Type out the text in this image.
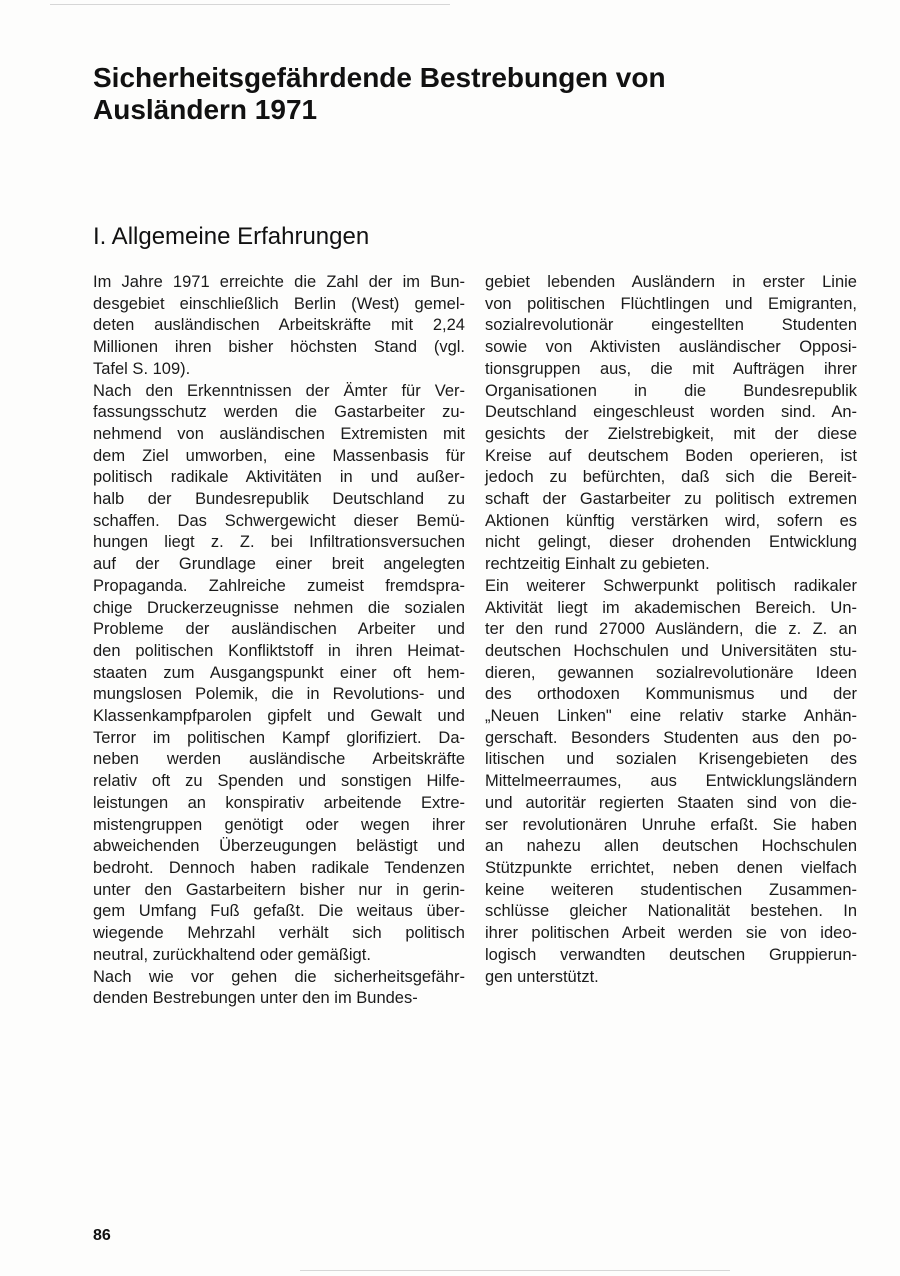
Sicherheitsgefährdende Bestrebungen von
Ausländern 1971
I. Allgemeine Erfahrungen

Im Jahre 1971 erreichte die Zahl der im Bun-

desgebiet einschließlich Berlin (West) gemel-

deten ausländischen Arbeitskräfte mit 2,24

Millionen ihren bisher höchsten Stand (vgl.

Tafel S. 109).

Nach den Erkenntnissen der Ämter für Ver-

fassungsschutz werden die Gastarbeiter zu-

nehmend von ausländischen Extremisten mit

dem Ziel umworben, eine Massenbasis für

politisch radikale Aktivitäten in und außer-

halb der Bundesrepublik Deutschland zu

schaffen. Das Schwergewicht dieser Bemü-

hungen liegt z. Z. bei Infiltrationsversuchen

auf der Grundlage einer breit angelegten

Propaganda. Zahlreiche zumeist fremdspra-

chige Druckerzeugnisse nehmen die sozialen

Probleme der ausländischen Arbeiter und

den politischen Konfliktstoff in ihren Heimat-

staaten zum Ausgangspunkt einer oft hem-

mungslosen Polemik, die in Revolutions- und

Klassenkampfparolen gipfelt und Gewalt und

Terror im politischen Kampf glorifiziert. Da-

neben werden ausländische Arbeitskräfte

relativ oft zu Spenden und sonstigen Hilfe-

leistungen an konspirativ arbeitende Extre-

mistengruppen genötigt oder wegen ihrer

abweichenden Überzeugungen belästigt und

bedroht. Dennoch haben radikale Tendenzen

unter den Gastarbeitern bisher nur in gerin-

gem Umfang Fuß gefaßt. Die weitaus über-

wiegende Mehrzahl verhält sich politisch

neutral, zurückhaltend oder gemäßigt.

Nach wie vor gehen die sicherheitsgefähr-

denden Bestrebungen unter den im Bundes-

gebiet lebenden Ausländern in erster Linie

von politischen Flüchtlingen und Emigranten,

sozialrevolutionär eingestellten Studenten

sowie von Aktivisten ausländischer Opposi-

tionsgruppen aus, die mit Aufträgen ihrer

Organisationen in die Bundesrepublik

Deutschland eingeschleust worden sind. An-

gesichts der Zielstrebigkeit, mit der diese

Kreise auf deutschem Boden operieren, ist

jedoch zu befürchten, daß sich die Bereit-

schaft der Gastarbeiter zu politisch extremen

Aktionen künftig verstärken wird, sofern es

nicht gelingt, dieser drohenden Entwicklung

rechtzeitig Einhalt zu gebieten.

Ein weiterer Schwerpunkt politisch radikaler

Aktivität liegt im akademischen Bereich. Un-

ter den rund 27000 Ausländern, die z. Z. an

deutschen Hochschulen und Universitäten stu-

dieren, gewannen sozialrevolutionäre Ideen

des orthodoxen Kommunismus und der

„Neuen Linken" eine relativ starke Anhän-

gerschaft. Besonders Studenten aus den po-

litischen und sozialen Krisengebieten des

Mittelmeerraumes, aus Entwicklungsländern

und autoritär regierten Staaten sind von die-

ser revolutionären Unruhe erfaßt. Sie haben

an nahezu allen deutschen Hochschulen

Stützpunkte errichtet, neben denen vielfach

keine weiteren studentischen Zusammen-

schlüsse gleicher Nationalität bestehen. In

ihrer politischen Arbeit werden sie von ideo-

logisch verwandten deutschen Gruppierun-

gen unterstützt.

86
